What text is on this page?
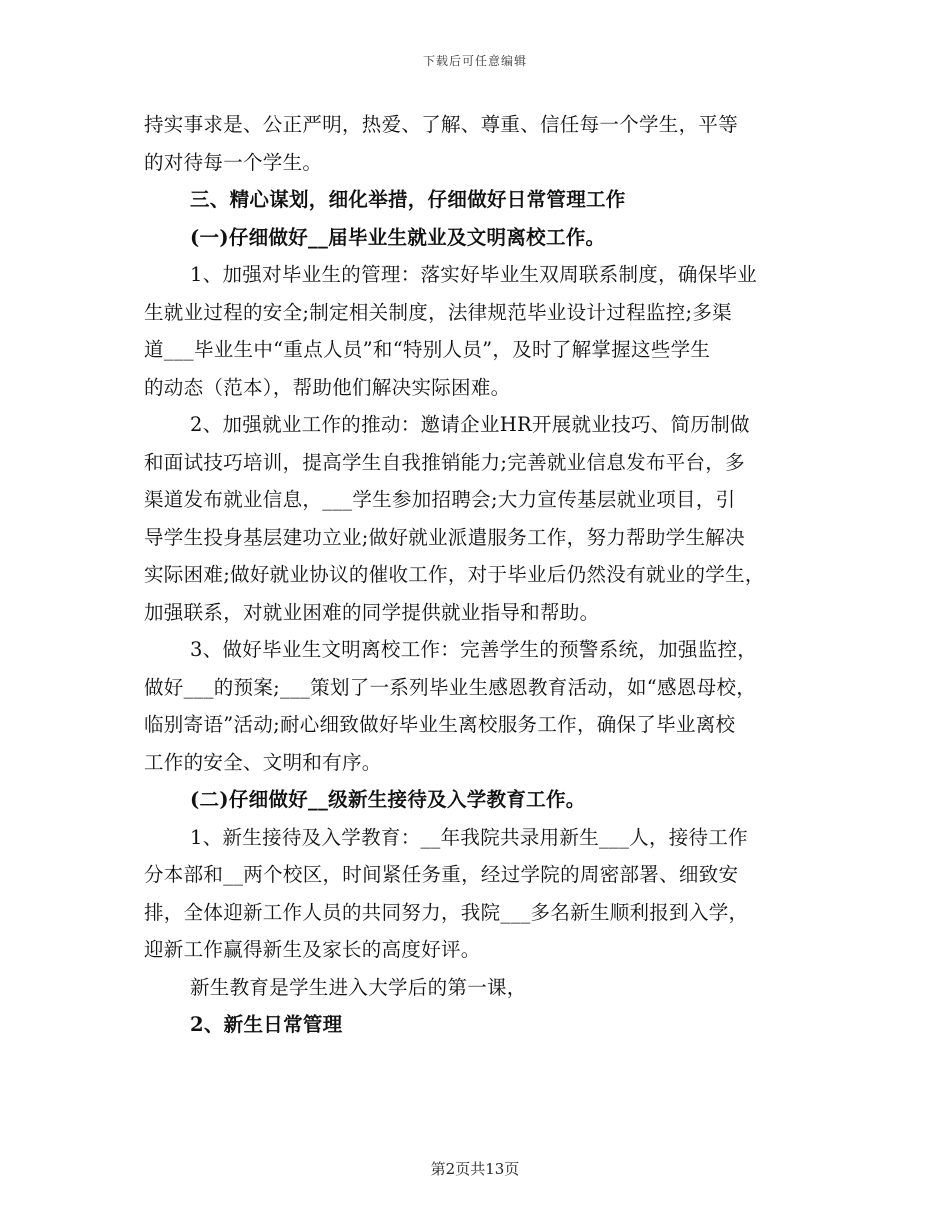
下载后可任意编辑
持实事求是、公正严明，热爱、了解、尊重、信任每一个学生，平等
的对待每一个学生。
三、精心谋划，细化举措，仔细做好日常管理工作
(一)仔细做好__届毕业生就业及文明离校工作。
1、加强对毕业生的管理：落实好毕业生双周联系制度，确保毕业
生就业过程的安全;制定相关制度，法律规范毕业设计过程监控;多渠
道___毕业生中“重点人员”和“特别人员”，及时了解掌握这些学生
的动态（范本），帮助他们解决实际困难。
2、加强就业工作的推动：邀请企业HR开展就业技巧、简历制做
和面试技巧培训，提高学生自我推销能力;完善就业信息发布平台，多
渠道发布就业信息，___学生参加招聘会;大力宣传基层就业项目，引
导学生投身基层建功立业;做好就业派遣服务工作，努力帮助学生解决
实际困难;做好就业协议的催收工作，对于毕业后仍然没有就业的学生，
加强联系，对就业困难的同学提供就业指导和帮助。
3、做好毕业生文明离校工作：完善学生的预警系统，加强监控，
做好___的预案;___策划了一系列毕业生感恩教育活动，如“感恩母校，
临别寄语”活动;耐心细致做好毕业生离校服务工作，确保了毕业离校
工作的安全、文明和有序。
(二)仔细做好__级新生接待及入学教育工作。
1、新生接待及入学教育：__年我院共录用新生___人，接待工作
分本部和__两个校区，时间紧任务重，经过学院的周密部署、细致安
排，全体迎新工作人员的共同努力，我院___多名新生顺利报到入学，
迎新工作赢得新生及家长的高度好评。
新生教育是学生进入大学后的第一课，
2、新生日常管理
第2页共13页
